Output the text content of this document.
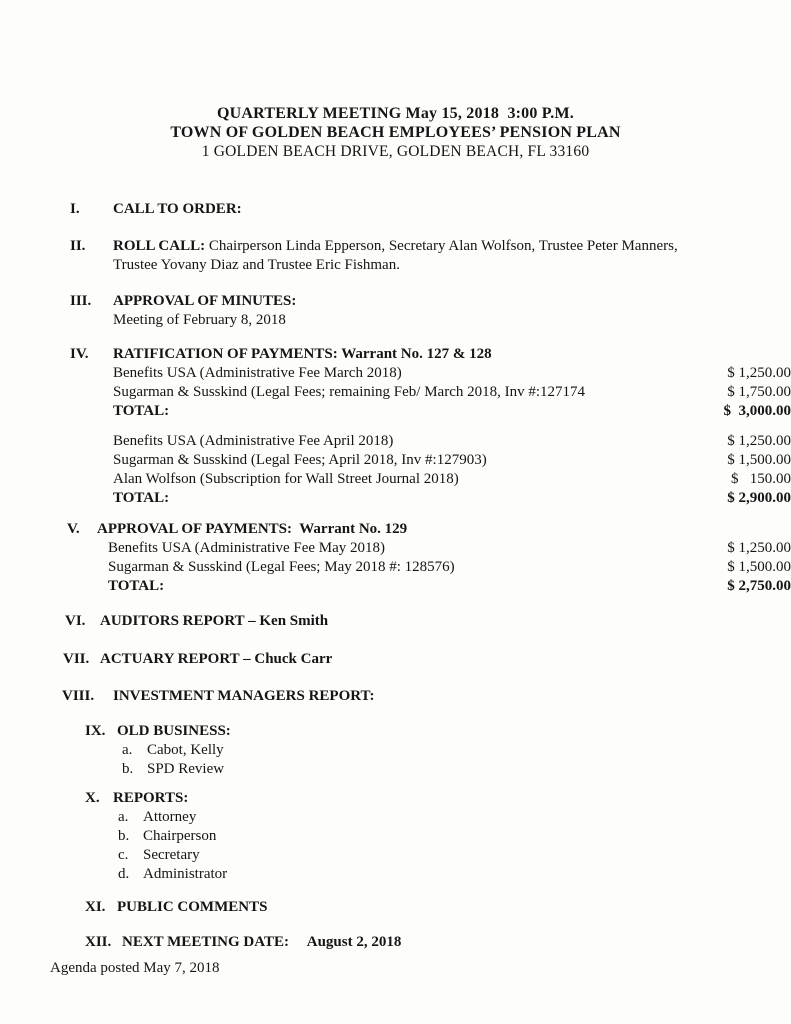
QUARTERLY MEETING May 15, 2018  3:00 P.M.
TOWN OF GOLDEN BEACH EMPLOYEES’ PENSION PLAN
1 GOLDEN BEACH DRIVE, GOLDEN BEACH, FL 33160
I.	CALL TO ORDER:
II.	ROLL CALL: Chairperson Linda Epperson, Secretary Alan Wolfson, Trustee Peter Manners, Trustee Yovany Diaz and Trustee Eric Fishman.
III.	APPROVAL OF MINUTES:
Meeting of February 8, 2018
IV.	RATIFICATION OF PAYMENTS: Warrant No. 127 & 128
Benefits USA (Administrative Fee March 2018)	$ 1,250.00
Sugarman & Susskind (Legal Fees; remaining Feb/ March 2018, Inv #:127174	$ 1,750.00
TOTAL:	$  3,000.00
Benefits USA (Administrative Fee April 2018)	$ 1,250.00
Sugarman & Susskind (Legal Fees; April 2018, Inv #:127903)	$ 1,500.00
Alan Wolfson (Subscription for Wall Street Journal 2018)	$   150.00
TOTAL:	$ 2,900.00
V.	APPROVAL OF PAYMENTS:  Warrant No. 129
Benefits USA (Administrative Fee May 2018)	$ 1,250.00
Sugarman & Susskind (Legal Fees; May 2018 #: 128576)	$ 1,500.00
TOTAL:	$ 2,750.00
VI. AUDITORS REPORT – Ken Smith
VII. ACTUARY REPORT – Chuck Carr
VIII.	INVESTMENT MANAGERS REPORT:
IX. OLD BUSINESS:
a. Cabot, Kelly
b. SPD Review
X. REPORTS:
a. Attorney
b. Chairperson
c. Secretary
d. Administrator
XI. PUBLIC COMMENTS
XII. NEXT MEETING DATE: August 2, 2018
Agenda posted May 7, 2018
